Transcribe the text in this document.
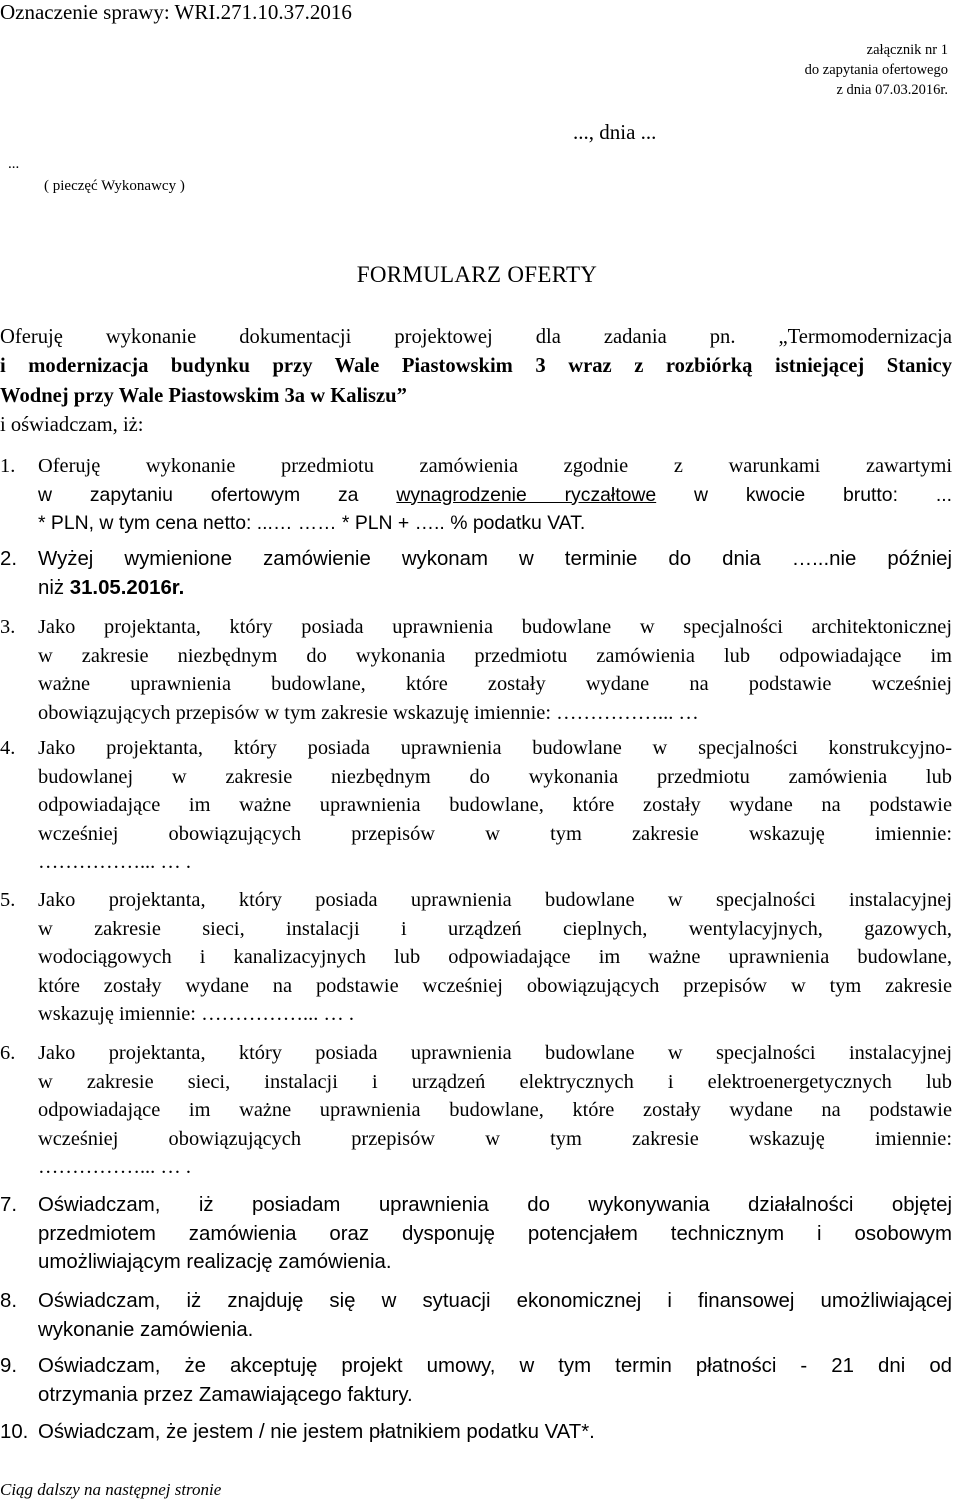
Oznaczenie sprawy: WRI.271.10.37.2016
załącznik nr 1
do zapytania ofertowego
z dnia 07.03.2016r.
..., dnia ...
...
( pieczęć Wykonawcy )
FORMULARZ OFERTY
Oferuję wykonanie dokumentacji projektowej dla zadania pn. „Termomodernizacja
i modernizacja budynku przy Wale Piastowskim 3 wraz z rozbiórką istniejącej Stanicy
Wodnej przy Wale Piastowskim 3a w Kaliszu”
i oświadczam, iż:
1. Oferuję wykonanie przedmiotu zamówienia zgodnie z warunkami zawartymi
w zapytaniu ofertowym za wynagrodzenie ryczałtowe w kwocie brutto: ...
* PLN, w tym cena netto: ...… …… * PLN + ….. % podatku VAT.
2. Wyżej wymienione zamówienie wykonam w terminie do dnia …...nie później
niż 31.05.2016r.
3. Jako projektanta, który posiada uprawnienia budowlane w specjalności architektonicznej
w zakresie niezbędnym do wykonania przedmiotu zamówienia lub odpowiadające im
ważne uprawnienia budowlane, które zostały wydane na podstawie wcześniej
obowiązujących przepisów w tym zakresie wskazuję imiennie: ……………... …
4. Jako projektanta, który posiada uprawnienia budowlane w specjalności konstrukcyjno-
budowlanej w zakresie niezbędnym do wykonania przedmiotu zamówienia lub
odpowiadające im ważne uprawnienia budowlane, które zostały wydane na podstawie
wcześniej obowiązujących przepisów w tym zakresie wskazuję imiennie:
……………... … .
5. Jako projektanta, który posiada uprawnienia budowlane w specjalności instalacyjnej
w zakresie sieci, instalacji i urządzeń cieplnych, wentylacyjnych, gazowych,
wodociągowych i kanalizacyjnych lub odpowiadające im ważne uprawnienia budowlane,
które zostały wydane na podstawie wcześniej obowiązujących przepisów w tym zakresie
wskazuję imiennie: ……………... … .
6. Jako projektanta, który posiada uprawnienia budowlane w specjalności instalacyjnej
w zakresie sieci, instalacji i urządzeń elektrycznych i elektroenergetycznych lub
odpowiadające im ważne uprawnienia budowlane, które zostały wydane na podstawie
wcześniej obowiązujących przepisów w tym zakresie wskazuję imiennie:
……………... … .
7. Oświadczam, iż posiadam uprawnienia do wykonywania działalności objętej
przedmiotem zamówienia oraz dysponuję potencjałem technicznym i osobowym
umożliwiającym realizację zamówienia.
8. Oświadczam, iż znajduję się w sytuacji ekonomicznej i finansowej umożliwiającej
wykonanie zamówienia.
9. Oświadczam, że akceptuję projekt umowy, w tym termin płatności - 21 dni od
otrzymania przez Zamawiającego faktury.
10. Oświadczam, że jestem / nie jestem płatnikiem podatku VAT*.
Ciąg dalszy na następnej stronie
